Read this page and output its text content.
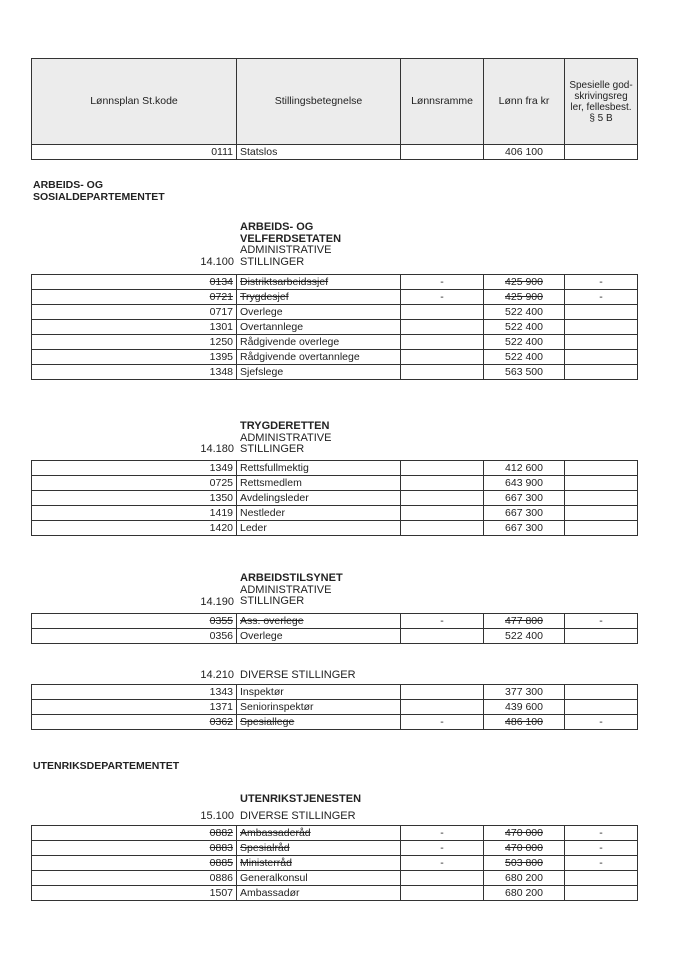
Lønnsplan St.kode	Stillingsbetegnelse	Lønnsramme	Lønn fra kr	Spesielle god-skrivingsreg ler, fellesbest. § 5 B
0111	Statslos		406 100	
ARBEIDS- OG SOSIALDEPARTEMENTET
ARBEIDS- OG
VELFERDSETATEN
ADMINISTRATIVE
STILLINGER
14.100
0134	Distriktsarbeidssjef	-	425 900	-
0721	Trygdesjef	-	425 900	-
0717	Overlege		522 400	
1301	Overtannlege		522 400	
1250	Rådgivende overlege		522 400	
1395	Rådgivende overtannlege		522 400	
1348	Sjefslege		563 500	
TRYGDERETTEN
ADMINISTRATIVE
STILLINGER
14.180
1349	Rettsfullmektig		412 600	
0725	Rettsmedlem		643 900	
1350	Avdelingsleder		667 300	
1419	Nestleder		667 300	
1420	Leder		667 300	
ARBEIDSTILSYNET
ADMINISTRATIVE
STILLINGER
14.190
0355	Ass. overlege	-	477 800	-
0356	Overlege		522 400	
14.210 DIVERSE STILLINGER
1343	Inspektør		377 300	
1371	Seniorinspektør		439 600	
0362	Spesiallege	-	486 100	-
UTENRIKSDEPARTEMENTET
UTENRIKSTJENESTEN
15.100 DIVERSE STILLINGER
0882	Ambassaderåd	-	470 000	-
0883	Spesialråd	-	470 000	-
0885	Ministerråd	-	503 800	-
0886	Generalkonsul		680 200	
1507	Ambassadør		680 200	
